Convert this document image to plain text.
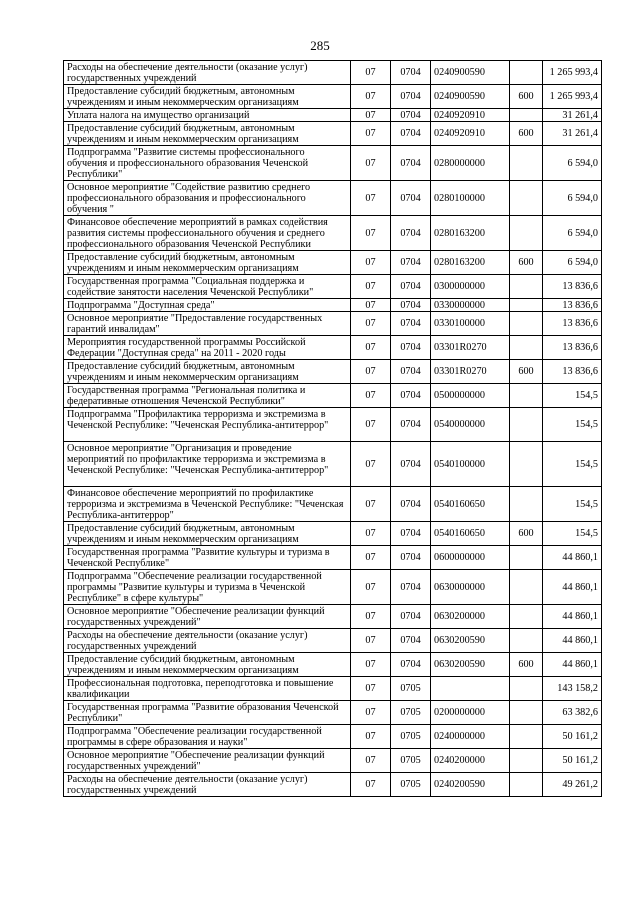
285
Расходы на обеспечение деятельности (оказание услуг) государственных учреждений	07	0704	0240900590		1 265 993,4
Предоставление субсидий бюджетным, автономным учреждениям и иным некоммерческим организациям	07	0704	0240900590	600	1 265 993,4
Уплата налога на имущество организаций	07	0704	0240920910		31 261,4
Предоставление субсидий бюджетным, автономным учреждениям и иным некоммерческим организациям	07	0704	0240920910	600	31 261,4
Подпрограмма "Развитие системы профессионального обучения и профессионального образования Чеченской Республики"	07	0704	0280000000		6 594,0
Основное мероприятие "Содействие развитию среднего профессионального образования и профессионального обучения "	07	0704	0280100000		6 594,0
Финансовое обеспечение мероприятий в рамках содействия развития системы профессионального обучения и среднего профессионального образования Чеченской Республики	07	0704	0280163200		6 594,0
Предоставление субсидий бюджетным, автономным учреждениям и иным некоммерческим организациям	07	0704	0280163200	600	6 594,0
Государственная программа "Социальная поддержка и содействие занятости населения Чеченской Республики"	07	0704	0300000000		13 836,6
Подпрограмма "Доступная среда"	07	0704	0330000000		13 836,6
Основное мероприятие "Предоставление государственных гарантий инвалидам"	07	0704	0330100000		13 836,6
Мероприятия государственной программы Российской Федерации "Доступная среда" на 2011 - 2020 годы	07	0704	03301R0270		13 836,6
Предоставление субсидий бюджетным, автономным учреждениям и иным некоммерческим организациям	07	0704	03301R0270	600	13 836,6
Государственная программа "Региональная политика и федеративные отношения Чеченской Республики"	07	0704	0500000000		154,5
Подпрограмма "Профилактика терроризма и экстремизма в Чеченской Республике: "Чеченская Республика-антитеррор"	07	0704	0540000000		154,5
Основное мероприятие "Организация и проведение мероприятий по профилактике терроризма и экстремизма в Чеченской Республике: "Чеченская Республика-антитеррор"	07	0704	0540100000		154,5
Финансовое обеспечение мероприятий по профилактике терроризма и экстремизма в Чеченской Республике: "Чеченская Республика-антитеррор"	07	0704	0540160650		154,5
Предоставление субсидий бюджетным, автономным учреждениям и иным некоммерческим организациям	07	0704	0540160650	600	154,5
Государственная программа "Развитие культуры и туризма в Чеченской Республике"	07	0704	0600000000		44 860,1
Подпрограмма "Обеспечение реализации государственной программы "Развитие культуры и туризма в Чеченской Республике" в сфере культуры"	07	0704	0630000000		44 860,1
Основное мероприятие "Обеспечение реализации функций государственных учреждений"	07	0704	0630200000		44 860,1
Расходы на обеспечение деятельности (оказание услуг) государственных учреждений	07	0704	0630200590		44 860,1
Предоставление субсидий бюджетным, автономным учреждениям и иным некоммерческим организациям	07	0704	0630200590	600	44 860,1
Профессиональная подготовка, переподготовка и повышение квалификации	07	0705			143 158,2
Государственная программа "Развитие образования Чеченской Республики"	07	0705	0200000000		63 382,6
Подпрограмма "Обеспечение реализации государственной программы в сфере образования и науки"	07	0705	0240000000		50 161,2
Основное мероприятие "Обеспечение реализации функций государственных учреждений"	07	0705	0240200000		50 161,2
Расходы на обеспечение деятельности (оказание услуг) государственных учреждений	07	0705	0240200590		49 261,2
